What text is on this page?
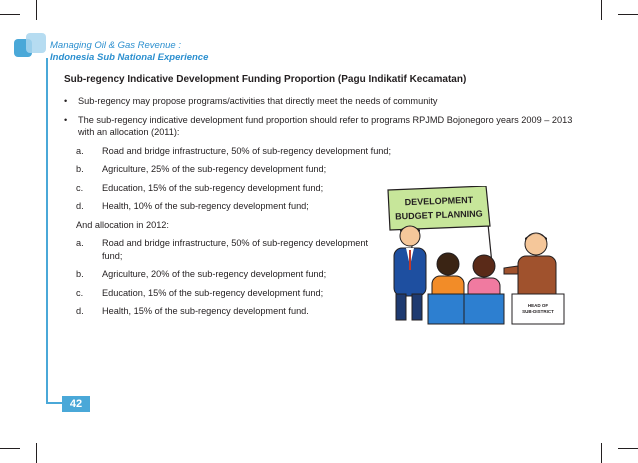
Managing Oil & Gas Revenue :
Indonesia Sub National Experience
Sub-regency Indicative Development Funding Proportion (Pagu Indikatif Kecamatan)
• Sub-regency may propose programs/activities that directly meet the needs of community
• The sub-regency indicative development fund proportion should refer to programs RPJMD Bojonegoro years 2009 – 2013 with an allocation (2011):
a. Road and bridge infrastructure, 50% of sub-regency development fund;
b. Agriculture, 25% of the sub-regency development fund;
c. Education, 15% of the sub-regency development fund;
d. Health, 10% of the sub-regency development fund;
And allocation in 2012:
a. Road and bridge infrastructure, 50% of sub-regency development fund;
b. Agriculture, 20% of the sub-regency development fund;
c. Education, 15% of the sub-regency development fund;
d. Health, 15% of the sub-regency development fund.
DEVELOPMENT
BUDGET PLANNING
HEAD OF
SUB-DISTRICT
42
